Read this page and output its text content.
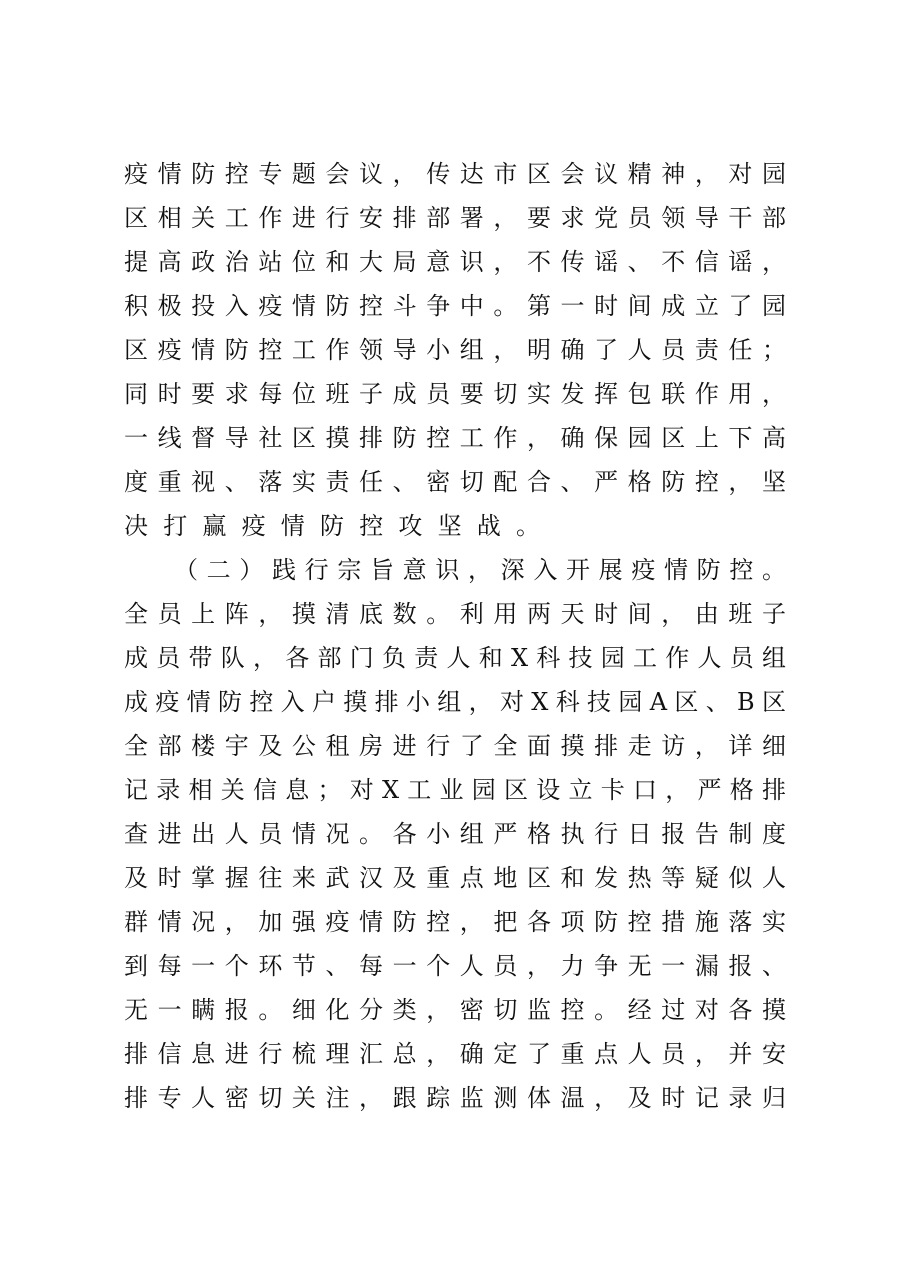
疫情防控专题会议，传达市区会议精神，对园
区相关工作进行安排部署，要求党员领导干部
提高政治站位和大局意识，不传谣、不信谣，
积极投入疫情防控斗争中。第一时间成立了园
区疫情防控工作领导小组，明确了人员责任；
同时要求每位班子成员要切实发挥包联作用，
一线督导社区摸排防控工作，确保园区上下高
度重视、落实责任、密切配合、严格防控，坚
决打赢疫情防控攻坚战。
（二）践行宗旨意识，深入开展疫情防控。
全员上阵，摸清底数。利用两天时间，由班子
成员带队，各部门负责人和X科技园工作人员组
成疫情防控入户摸排小组，对X科技园A区、B区
全部楼宇及公租房进行了全面摸排走访，详细
记录相关信息；对X工业园区设立卡口，严格排
查进出人员情况。各小组严格执行日报告制度
及时掌握往来武汉及重点地区和发热等疑似人
群情况，加强疫情防控，把各项防控措施落实
到每一个环节、每一个人员，力争无一漏报、
无一瞒报。细化分类，密切监控。经过对各摸
排信息进行梳理汇总，确定了重点人员，并安
排专人密切关注，跟踪监测体温，及时记录归
